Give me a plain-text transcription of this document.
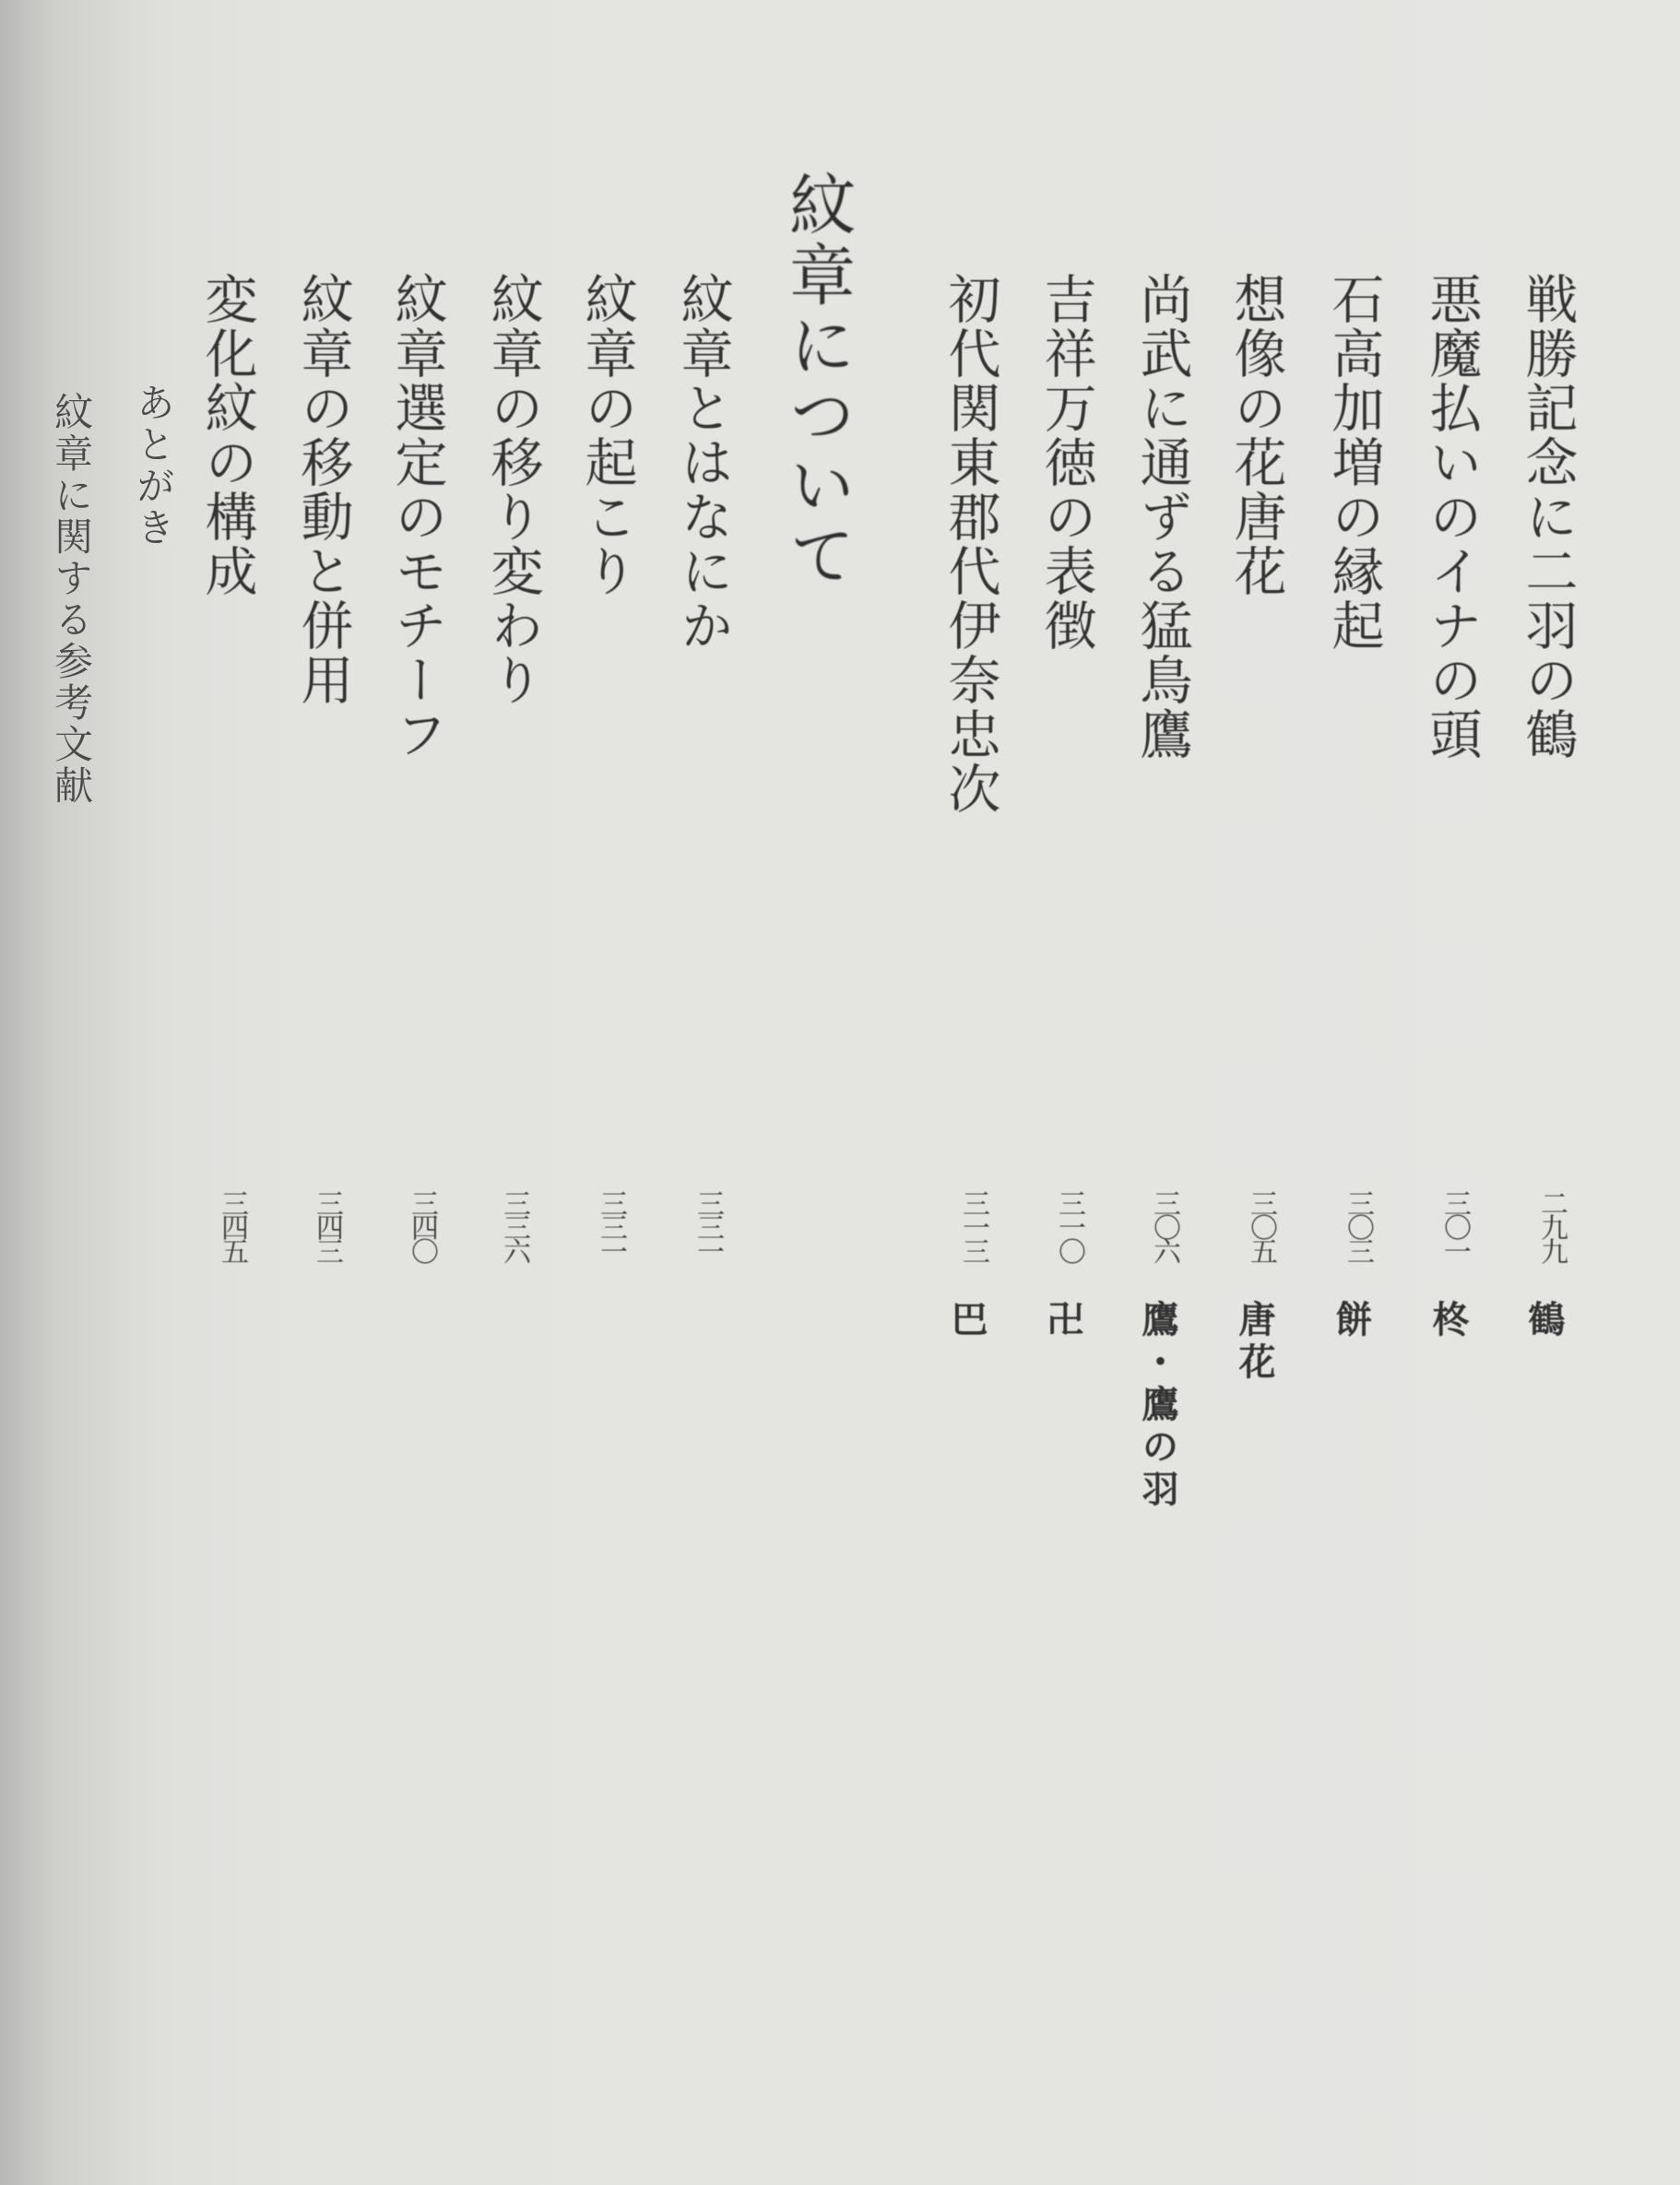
戦勝記念に二羽の鶴
二九九
鶴
悪魔払いのイナの頭
三〇一
柊
石高加増の縁起
三〇三
餅
想像の花唐花
三〇五
唐花
尚武に通ずる猛鳥鷹
三〇六
鷹・鷹の羽
吉祥万徳の表徴
三一〇
卍
初代関東郡代伊奈忠次
三一三
巴
紋章について
紋章とはなにか
三三一
紋章の起こり
三三一
紋章の移り変わり
三三六
紋章選定のモチーフ
三四〇
紋章の移動と併用
三四三
変化紋の構成
三四五
あとがき
紋章に関する参考文献
